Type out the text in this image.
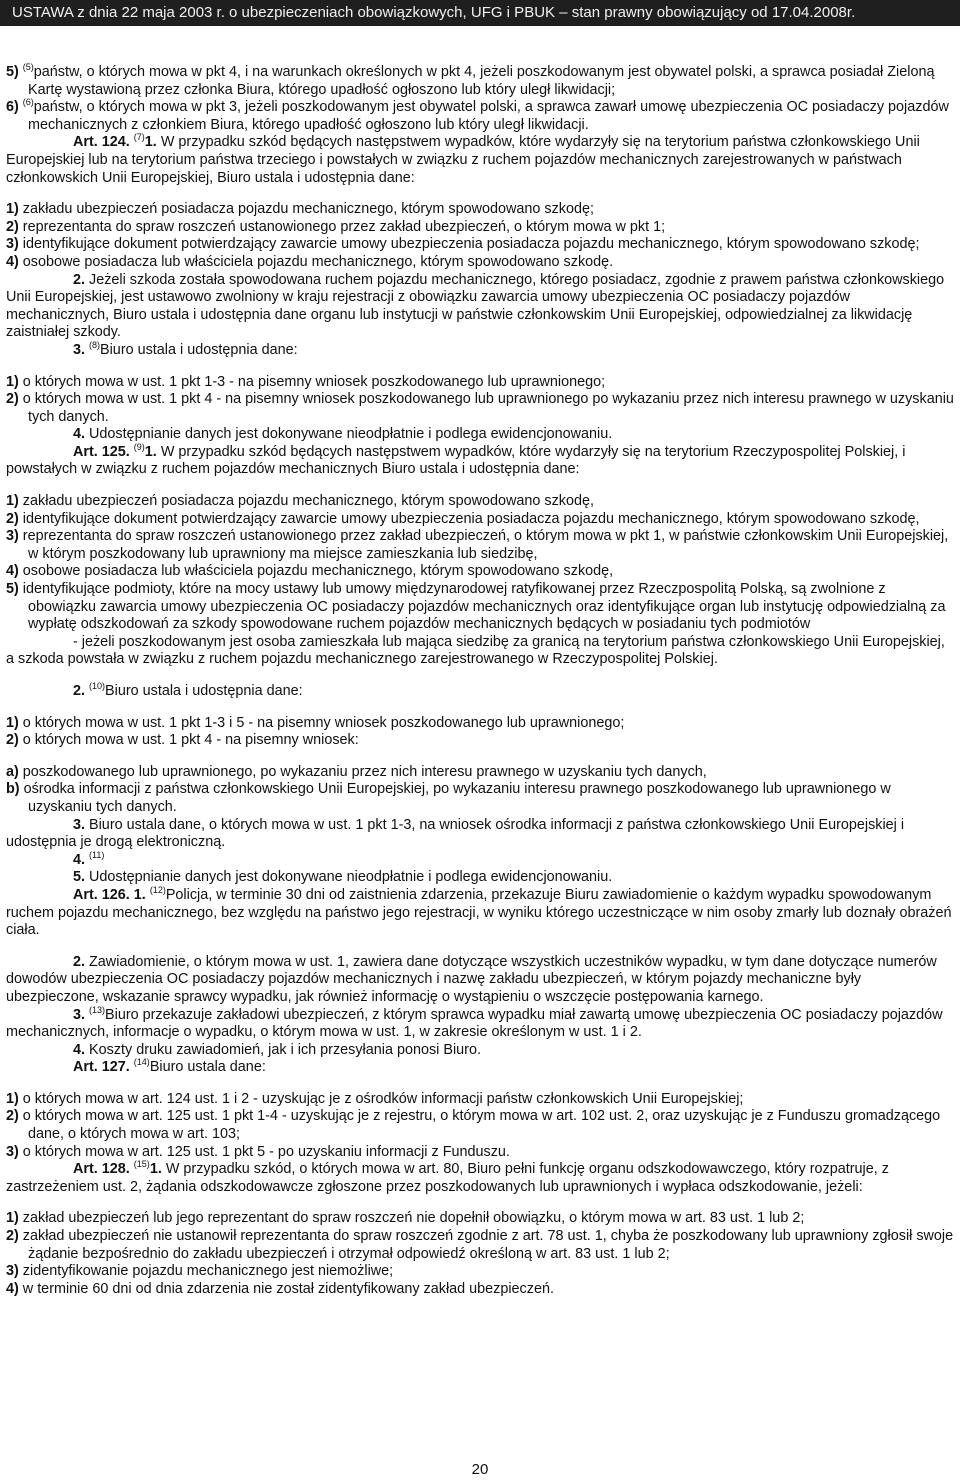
USTAWA z dnia 22 maja 2003 r. o ubezpieczeniach obowiązkowych, UFG i PBUK – stan prawny obowiązujący od 17.04.2008r.

5) $^{(5)}$państw, o których mowa w pkt 4, i na warunkach określonych w pkt 4, jeżeli poszkodowanym jest obywatel polski, a sprawca posiadał Zieloną Kartę wystawioną przez członka Biura, którego upadłość ogłoszono lub który uległ likwidacji;

6) $^{(6)}$państw, o których mowa w pkt 3, jeżeli poszkodowanym jest obywatel polski, a sprawca zawarł umowę ubezpieczenia OC posiadaczy pojazdów mechanicznych z członkiem Biura, którego upadłość ogłoszono lub który uległ likwidacji.

Art. 124. $^{(7)}$1. W przypadku szkód będących następstwem wypadków, które wydarzyły się na terytorium państwa członkowskiego Unii Europejskiej lub na terytorium państwa trzeciego i powstałych w związku z ruchem pojazdów mechanicznych zarejestrowanych w państwach członkowskich Unii Europejskiej, Biuro ustala i udostępnia dane:

1) zakładu ubezpieczeń posiadacza pojazdu mechanicznego, którym spowodowano szkodę;

2) reprezentanta do spraw roszczeń ustanowionego przez zakład ubezpieczeń, o którym mowa w pkt 1;

3) identyfikujące dokument potwierdzający zawarcie umowy ubezpieczenia posiadacza pojazdu mechanicznego, którym spowodowano szkodę;

4) osobowe posiadacza lub właściciela pojazdu mechanicznego, którym spowodowano szkodę.

2. Jeżeli szkoda została spowodowana ruchem pojazdu mechanicznego, którego posiadacz, zgodnie z prawem państwa członkowskiego Unii Europejskiej, jest ustawowo zwolniony w kraju rejestracji z obowiązku zawarcia umowy ubezpieczenia OC posiadaczy pojazdów mechanicznych, Biuro ustala i udostępnia dane organu lub instytucji w państwie członkowskim Unii Europejskiej, odpowiedzialnej za likwidację zaistniałej szkody.

3. $^{(8)}$Biuro ustala i udostępnia dane:

1) o których mowa w ust. 1 pkt 1-3 - na pisemny wniosek poszkodowanego lub uprawnionego;

2) o których mowa w ust. 1 pkt 4 - na pisemny wniosek poszkodowanego lub uprawnionego po wykazaniu przez nich interesu prawnego w uzyskaniu tych danych.

4. Udostępnianie danych jest dokonywane nieodpłatnie i podlega ewidencjonowaniu.

Art. 125. $^{(9)}$1. W przypadku szkód będących następstwem wypadków, które wydarzyły się na terytorium Rzeczypospolitej Polskiej, i powstałych w związku z ruchem pojazdów mechanicznych Biuro ustala i udostępnia dane:

1) zakładu ubezpieczeń posiadacza pojazdu mechanicznego, którym spowodowano szkodę,

2) identyfikujące dokument potwierdzający zawarcie umowy ubezpieczenia posiadacza pojazdu mechanicznego, którym spowodowano szkodę,

3) reprezentanta do spraw roszczeń ustanowionego przez zakład ubezpieczeń, o którym mowa w pkt 1, w państwie członkowskim Unii Europejskiej, w którym poszkodowany lub uprawniony ma miejsce zamieszkania lub siedzibę,

4) osobowe posiadacza lub właściciela pojazdu mechanicznego, którym spowodowano szkodę,

5) identyfikujące podmioty, które na mocy ustawy lub umowy międzynarodowej ratyfikowanej przez Rzeczpospolitą Polską, są zwolnione z obowiązku zawarcia umowy ubezpieczenia OC posiadaczy pojazdów mechanicznych oraz identyfikujące organ lub instytucję odpowiedzialną za wypłatę odszkodowań za szkody spowodowane ruchem pojazdów mechanicznych będących w posiadaniu tych podmiotów

- jeżeli poszkodowanym jest osoba zamieszkała lub mająca siedzibę za granicą na terytorium państwa członkowskiego Unii Europejskiej, a szkoda powstała w związku z ruchem pojazdu mechanicznego zarejestrowanego w Rzeczypospolitej Polskiej.

2. $^{(10)}$Biuro ustala i udostępnia dane:

1) o których mowa w ust. 1 pkt 1-3 i 5 - na pisemny wniosek poszkodowanego lub uprawnionego;

2) o których mowa w ust. 1 pkt 4 - na pisemny wniosek:

a) poszkodowanego lub uprawnionego, po wykazaniu przez nich interesu prawnego w uzyskaniu tych danych,

b) ośrodka informacji z państwa członkowskiego Unii Europejskiej, po wykazaniu interesu prawnego poszkodowanego lub uprawnionego w uzyskaniu tych danych.

3. Biuro ustala dane, o których mowa w ust. 1 pkt 1-3, na wniosek ośrodka informacji z państwa członkowskiego Unii Europejskiej i udostępnia je drogą elektroniczną.

4. $^{(11)}$

5. Udostępnianie danych jest dokonywane nieodpłatnie i podlega ewidencjonowaniu.

Art. 126. 1. $^{(12)}$Policja, w terminie 30 dni od zaistnienia zdarzenia, przekazuje Biuru zawiadomienie o każdym wypadku spowodowanym ruchem pojazdu mechanicznego, bez względu na państwo jego rejestracji, w wyniku którego uczestniczące w nim osoby zmarły lub doznały obrażeń ciała.

2. Zawiadomienie, o którym mowa w ust. 1, zawiera dane dotyczące wszystkich uczestników wypadku, w tym dane dotyczące numerów dowodów ubezpieczenia OC posiadaczy pojazdów mechanicznych i nazwę zakładu ubezpieczeń, w którym pojazdy mechaniczne były ubezpieczone, wskazanie sprawcy wypadku, jak również informację o wystąpieniu o wszczęcie postępowania karnego.

3. $^{(13)}$Biuro przekazuje zakładowi ubezpieczeń, z którym sprawca wypadku miał zawartą umowę ubezpieczenia OC posiadaczy pojazdów mechanicznych, informacje o wypadku, o którym mowa w ust. 1, w zakresie określonym w ust. 1 i 2.

4. Koszty druku zawiadomień, jak i ich przesyłania ponosi Biuro.

Art. 127. $^{(14)}$Biuro ustala dane:

1) o których mowa w art. 124 ust. 1 i 2 - uzyskując je z ośrodków informacji państw członkowskich Unii Europejskiej;

2) o których mowa w art. 125 ust. 1 pkt 1-4 - uzyskując je z rejestru, o którym mowa w art. 102 ust. 2, oraz uzyskując je z Funduszu gromadzącego dane, o których mowa w art. 103;

3) o których mowa w art. 125 ust. 1 pkt 5 - po uzyskaniu informacji z Funduszu.

Art. 128. $^{(15)}$1. W przypadku szkód, o których mowa w art. 80, Biuro pełni funkcję organu odszkodowawczego, który rozpatruje, z zastrzeżeniem ust. 2, żądania odszkodowawcze zgłoszone przez poszkodowanych lub uprawnionych i wypłaca odszkodowanie, jeżeli:

1) zakład ubezpieczeń lub jego reprezentant do spraw roszczeń nie dopełnił obowiązku, o którym mowa w art. 83 ust. 1 lub 2;

2) zakład ubezpieczeń nie ustanowił reprezentanta do spraw roszczeń zgodnie z art. 78 ust. 1, chyba że poszkodowany lub uprawniony zgłosił swoje żądanie bezpośrednio do zakładu ubezpieczeń i otrzymał odpowiedź określoną w art. 83 ust. 1 lub 2;

3) zidentyfikowanie pojazdu mechanicznego jest niemożliwe;

4) w terminie 60 dni od dnia zdarzenia nie został zidentyfikowany zakład ubezpieczeń.

20
